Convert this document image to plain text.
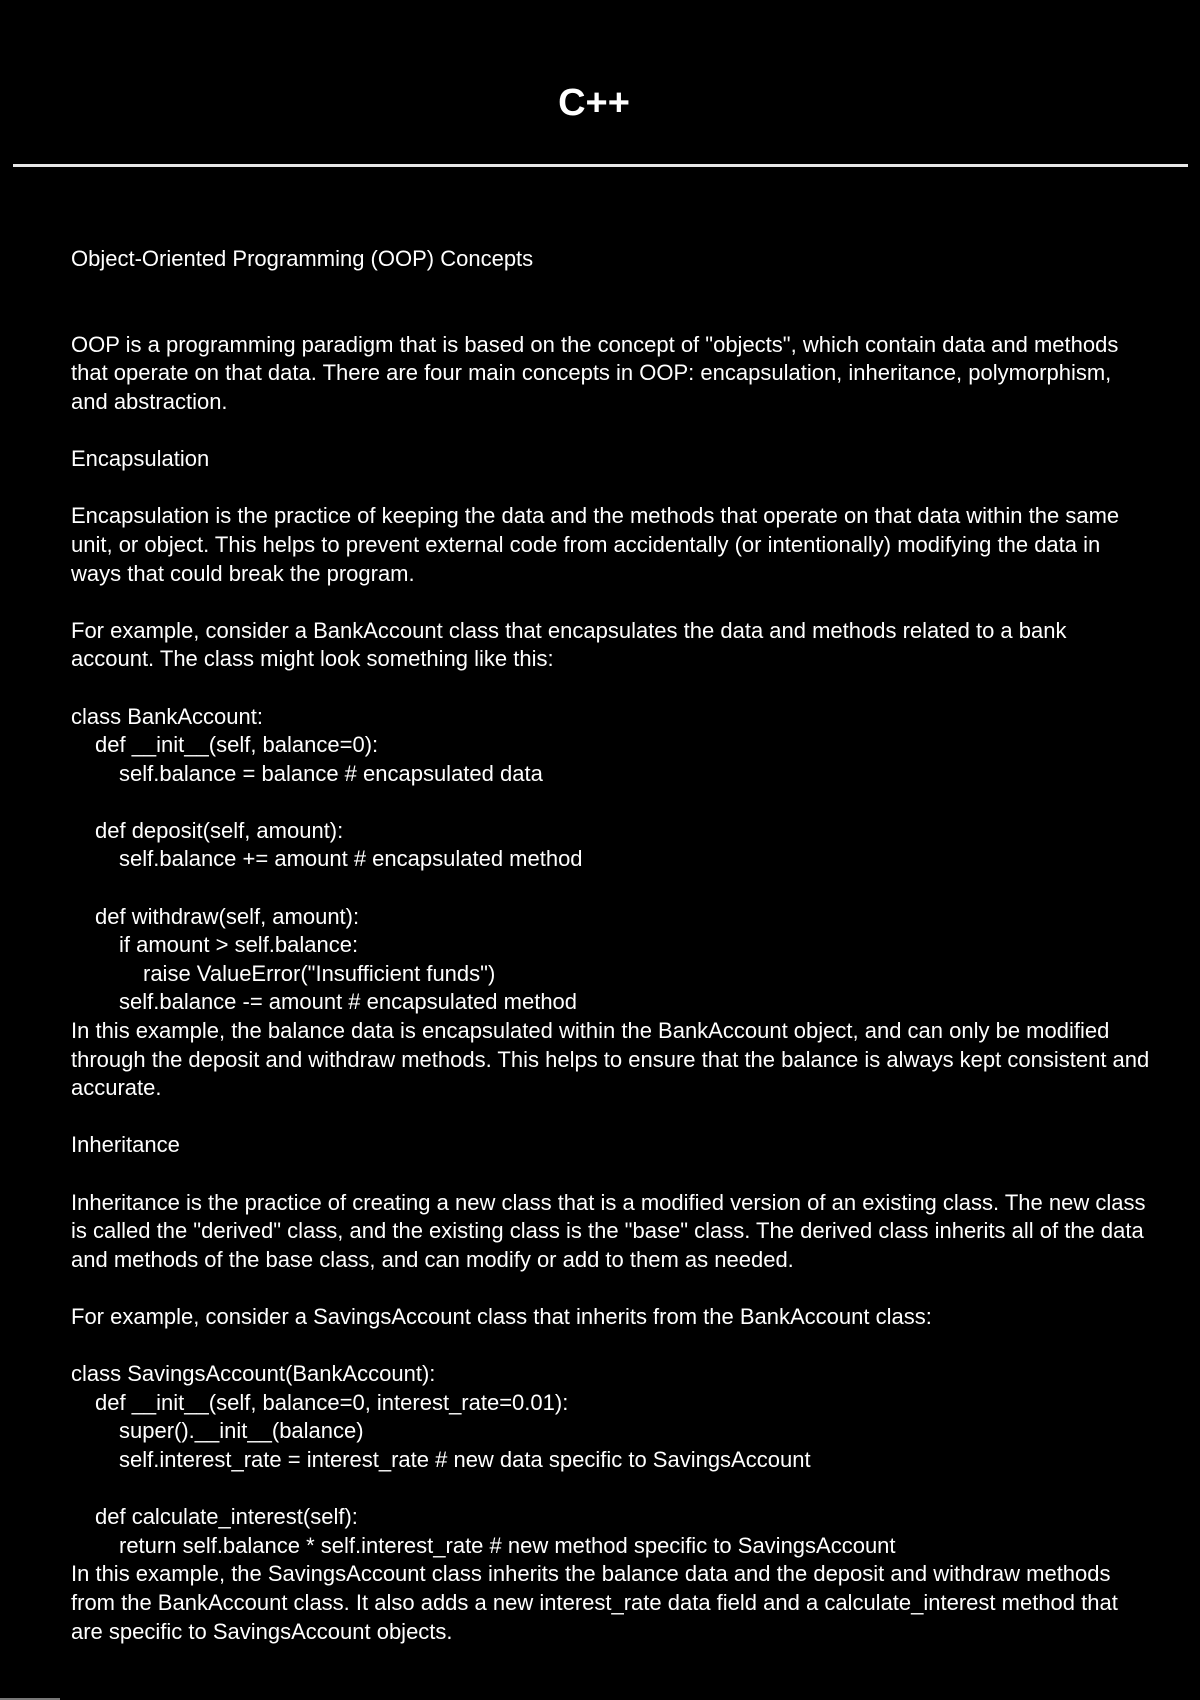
C++

Object-Oriented Programming (OOP) Concepts

OOP is a programming paradigm that is based on the concept of "objects", which contain data and methods that operate on that data. There are four main concepts in OOP: encapsulation, inheritance, polymorphism, and abstraction.

Encapsulation

Encapsulation is the practice of keeping the data and the methods that operate on that data within the same unit, or object. This helps to prevent external code from accidentally (or intentionally) modifying the data in ways that could break the program.

For example, consider a BankAccount class that encapsulates the data and methods related to a bank account. The class might look something like this:

class BankAccount:
def __init__(self, balance=0):
self.balance = balance # encapsulated data
def deposit(self, amount):
self.balance += amount # encapsulated method
def withdraw(self, amount):
if amount > self.balance:
raise ValueError("Insufficient funds")
self.balance -= amount # encapsulated method

In this example, the balance data is encapsulated within the BankAccount object, and can only be modified through the deposit and withdraw methods. This helps to ensure that the balance is always kept consistent and accurate.

Inheritance

Inheritance is the practice of creating a new class that is a modified version of an existing class. The new class is called the "derived" class, and the existing class is the "base" class. The derived class inherits all of the data and methods of the base class, and can modify or add to them as needed.

For example, consider a SavingsAccount class that inherits from the BankAccount class:

class SavingsAccount(BankAccount):
def __init__(self, balance=0, interest_rate=0.01):
super().__init__(balance)
self.interest_rate = interest_rate # new data specific to SavingsAccount
def calculate_interest(self):
return self.balance * self.interest_rate # new method specific to SavingsAccount

In this example, the SavingsAccount class inherits the balance data and the deposit and withdraw methods from the BankAccount class. It also adds a new interest_rate data field and a calculate_interest method that are specific to SavingsAccount objects.
